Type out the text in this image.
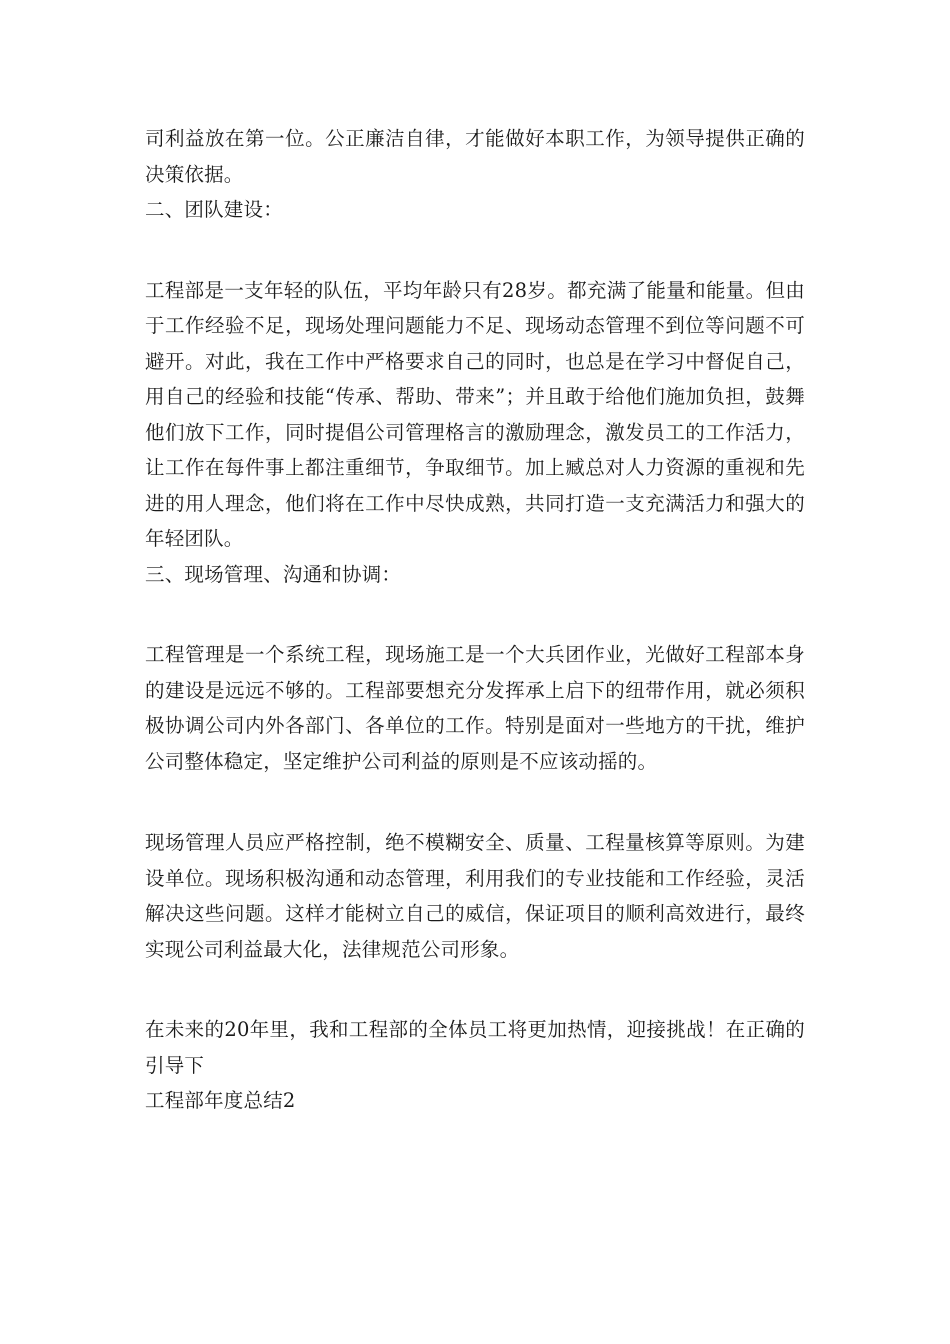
司利益放在第一位。公正廉洁自律，才能做好本职工作，为领导提供正确的决策依据。

二、团队建设：

工程部是一支年轻的队伍，平均年龄只有28岁。都充满了能量和能量。但由于工作经验不足，现场处理问题能力不足、现场动态管理不到位等问题不可避开。对此，我在工作中严格要求自己的同时，也总是在学习中督促自己，用自己的经验和技能“传承、帮助、带来”；并且敢于给他们施加负担，鼓舞他们放下工作，同时提倡公司管理格言的激励理念，激发员工的工作活力，让工作在每件事上都注重细节，争取细节。加上臧总对人力资源的重视和先进的用人理念，他们将在工作中尽快成熟，共同打造一支充满活力和强大的年轻团队。

三、现场管理、沟通和协调：

工程管理是一个系统工程，现场施工是一个大兵团作业，光做好工程部本身的建设是远远不够的。工程部要想充分发挥承上启下的纽带作用，就必须积极协调公司内外各部门、各单位的工作。特别是面对一些地方的干扰，维护公司整体稳定，坚定维护公司利益的原则是不应该动摇的。

现场管理人员应严格控制，绝不模糊安全、质量、工程量核算等原则。为建设单位。现场积极沟通和动态管理，利用我们的专业技能和工作经验，灵活解决这些问题。这样才能树立自己的威信，保证项目的顺利高效进行，最终实现公司利益最大化，法律规范公司形象。

在未来的20年里，我和工程部的全体员工将更加热情，迎接挑战！在正确的引导下

工程部年度总结2
